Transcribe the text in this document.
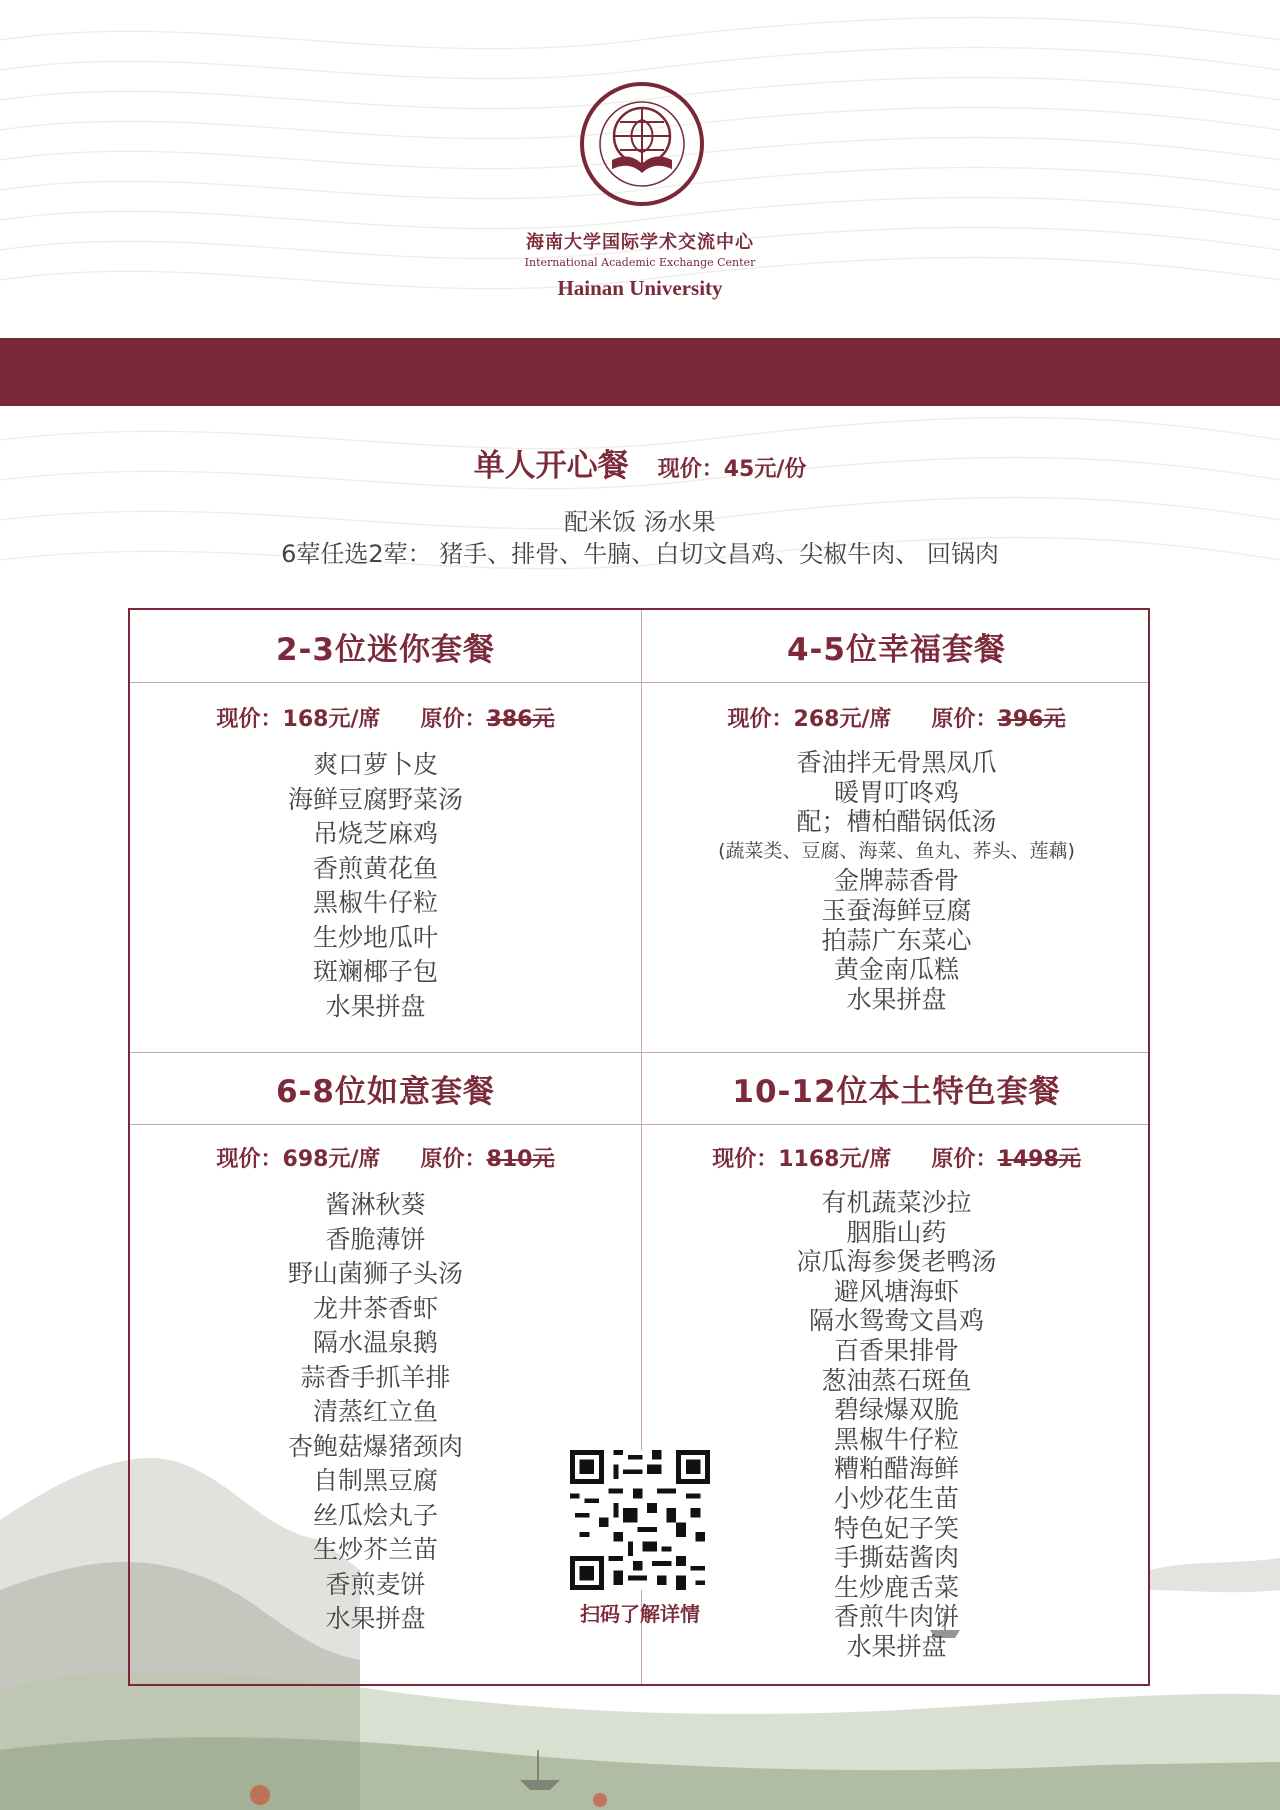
海南大学国际学术交流中心
International Academic Exchange Center
Hainan University
单人开心餐 现价：45元/份
配米饭 汤水果
6荤任选2荤： 猪手、排骨、牛腩、白切文昌鸡、尖椒牛肉、 回锅肉
2-3位迷你套餐
现价：168元/席 原价：386元
爽口萝卜皮
海鲜豆腐野菜汤
吊烧芝麻鸡
香煎黄花鱼
黑椒牛仔粒
生炒地瓜叶
斑斓椰子包
水果拼盘
4-5位幸福套餐
现价：268元/席 原价：396元
香油拌无骨黑凤爪
暖胃叮咚鸡
配；槽柏醋锅低汤
(蔬菜类、豆腐、海菜、鱼丸、荞头、莲藕)
金牌蒜香骨
玉蚕海鲜豆腐
拍蒜广东菜心
黄金南瓜糕
水果拼盘
6-8位如意套餐
现价：698元/席 原价：810元
酱淋秋葵
香脆薄饼
野山菌狮子头汤
龙井茶香虾
隔水温泉鹅
蒜香手抓羊排
清蒸红立鱼
杏鲍菇爆猪颈肉
自制黑豆腐
丝瓜烩丸子
生炒芥兰苗
香煎麦饼
水果拼盘
10-12位本土特色套餐
现价：1168元/席 原价：1498元
有机蔬菜沙拉
胭脂山药
凉瓜海参煲老鸭汤
避风塘海虾
隔水鸳鸯文昌鸡
百香果排骨
葱油蒸石斑鱼
碧绿爆双脆
黑椒牛仔粒
糟粕醋海鲜
小炒花生苗
特色妃子笑
手撕菇酱肉
生炒鹿舌菜
香煎牛肉饼
水果拼盘
扫码了解详情
